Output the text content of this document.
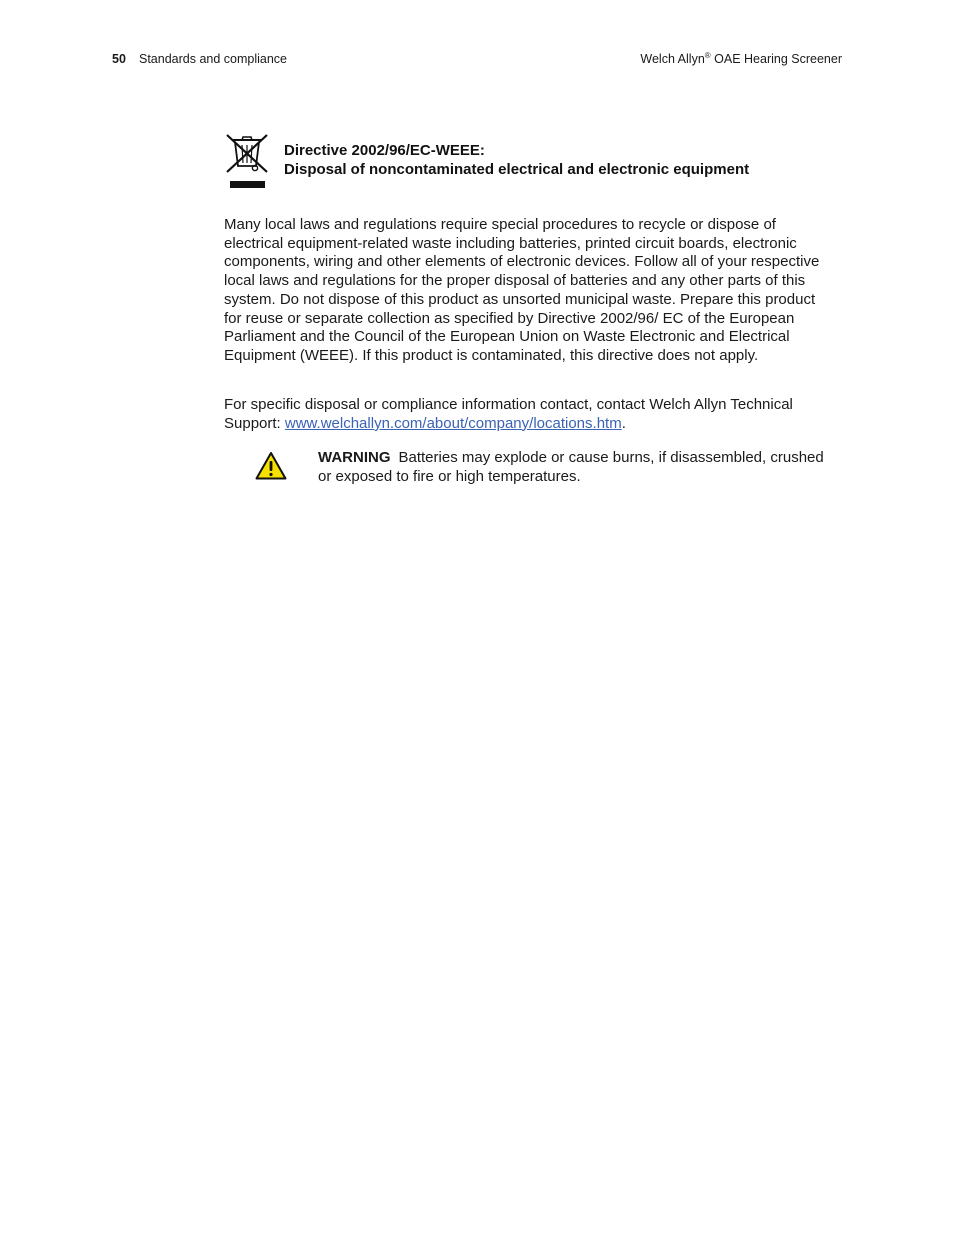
50 Standards and compliance	Welch Allyn® OAE Hearing Screener
Directive 2002/96/EC-WEEE:
Disposal of noncontaminated electrical and electronic equipment

Many local laws and regulations require special procedures to recycle or dispose of electrical equipment-related waste including batteries, printed circuit boards, electronic components, wiring and other elements of electronic devices. Follow all of your respective local laws and regulations for the proper disposal of batteries and any other parts of this system. Do not dispose of this product as unsorted municipal waste. Prepare this product for reuse or separate collection as specified by Directive 2002/96/ EC of the European Parliament and the Council of the European Union on Waste Electronic and Electrical Equipment (WEEE). If this product is contaminated, this directive does not apply.

For specific disposal or compliance information contact, contact Welch Allyn Technical Support: www.welchallyn.com/about/company/locations.htm.

WARNING Batteries may explode or cause burns, if disassembled, crushed or exposed to fire or high temperatures.
